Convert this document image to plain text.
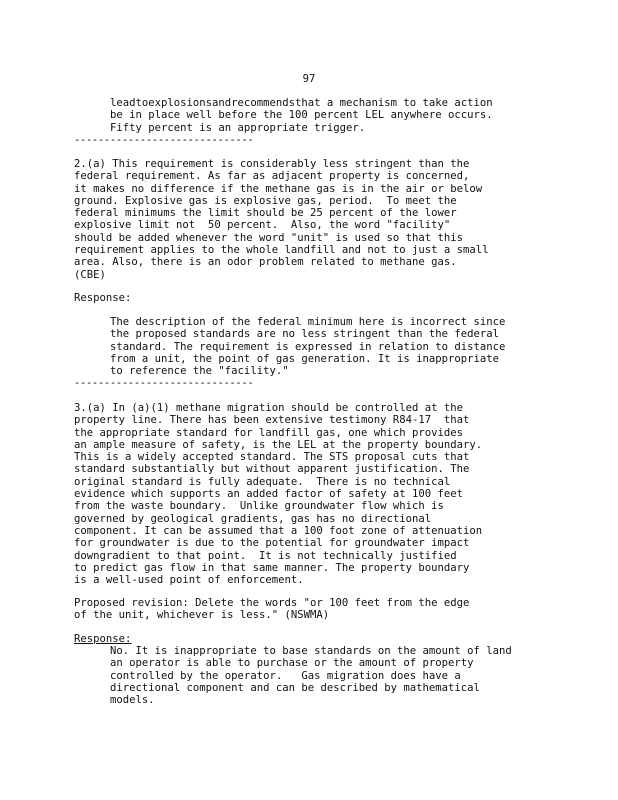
97
leadtoexplosionsandrecommendsthat a mechanism to take action
be in place well before the 100 percent LEL anywhere occurs.
Fifty percent is an appropriate trigger.
------------------------------
2.(a) This requirement is considerably less stringent than the
federal requirement. As far as adjacent property is concerned,
it makes no difference if the methane gas is in the air or below
ground. Explosive gas is explosive gas, period.  To meet the
federal minimums the limit should be 25 percent of the lower
explosive limit not  50 percent.  Also, the word "facility"
should be added whenever the word "unit" is used so that this
requirement applies to the whole landfill and not to just a small
area. Also, there is an odor problem related to methane gas.
(CBE)
Response:
The description of the federal minimum here is incorrect since
the proposed standards are no less stringent than the federal
standard. The requirement is expressed in relation to distance
from a unit, the point of gas generation. It is inappropriate
to reference the "facility."
------------------------------
3.(a) In (a)(1) methane migration should be controlled at the
property line. There has been extensive testimony R84-17  that
the appropriate standard for landfill gas, one which provides
an ample measure of safety, is the LEL at the property boundary.
This is a widely accepted standard. The STS proposal cuts that
standard substantially but without apparent justification. The
original standard is fully adequate.  There is no technical
evidence which supports an added factor of safety at 100 feet
from the waste boundary.  Unlike groundwater flow which is
governed by geological gradients, gas has no directional
component. It can be assumed that a 100 foot zone of attenuation
for groundwater is due to the potential for groundwater impact
downgradient to that point.  It is not technically justified
to predict gas flow in that same manner. The property boundary
is a well-used point of enforcement.
Proposed revision: Delete the words "or 100 feet from the edge
of the unit, whichever is less." (NSWMA)
Response:
No. It is inappropriate to base standards on the amount of land
an operator is able to purchase or the amount of property
controlled by the operator.   Gas migration does have a
directional component and can be described by mathematical
models.
